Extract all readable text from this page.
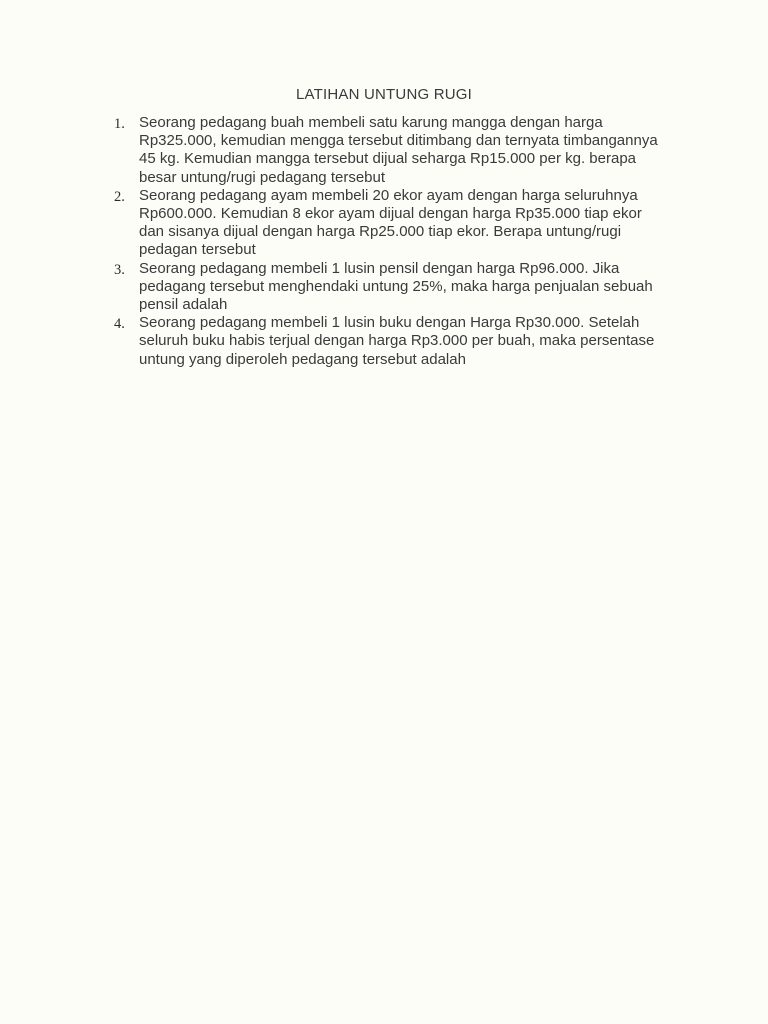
LATIHAN UNTUNG RUGI
1. Seorang pedagang buah membeli satu karung mangga dengan harga
Rp325.000, kemudian mengga tersebut ditimbang dan ternyata timbangannya
45 kg. Kemudian mangga tersebut dijual seharga Rp15.000 per kg. berapa
besar untung/rugi pedagang tersebut
2. Seorang pedagang ayam membeli 20 ekor ayam dengan harga seluruhnya
Rp600.000. Kemudian 8 ekor ayam dijual dengan harga Rp35.000 tiap ekor
dan sisanya dijual dengan harga Rp25.000 tiap ekor. Berapa untung/rugi
pedagan tersebut
3. Seorang pedagang membeli 1 lusin pensil dengan harga Rp96.000. Jika
pedagang tersebut menghendaki untung 25%, maka harga penjualan sebuah
pensil adalah
4. Seorang pedagang membeli 1 lusin buku dengan Harga Rp30.000. Setelah
seluruh buku habis terjual dengan harga Rp3.000 per buah, maka persentase
untung yang diperoleh pedagang tersebut adalah
